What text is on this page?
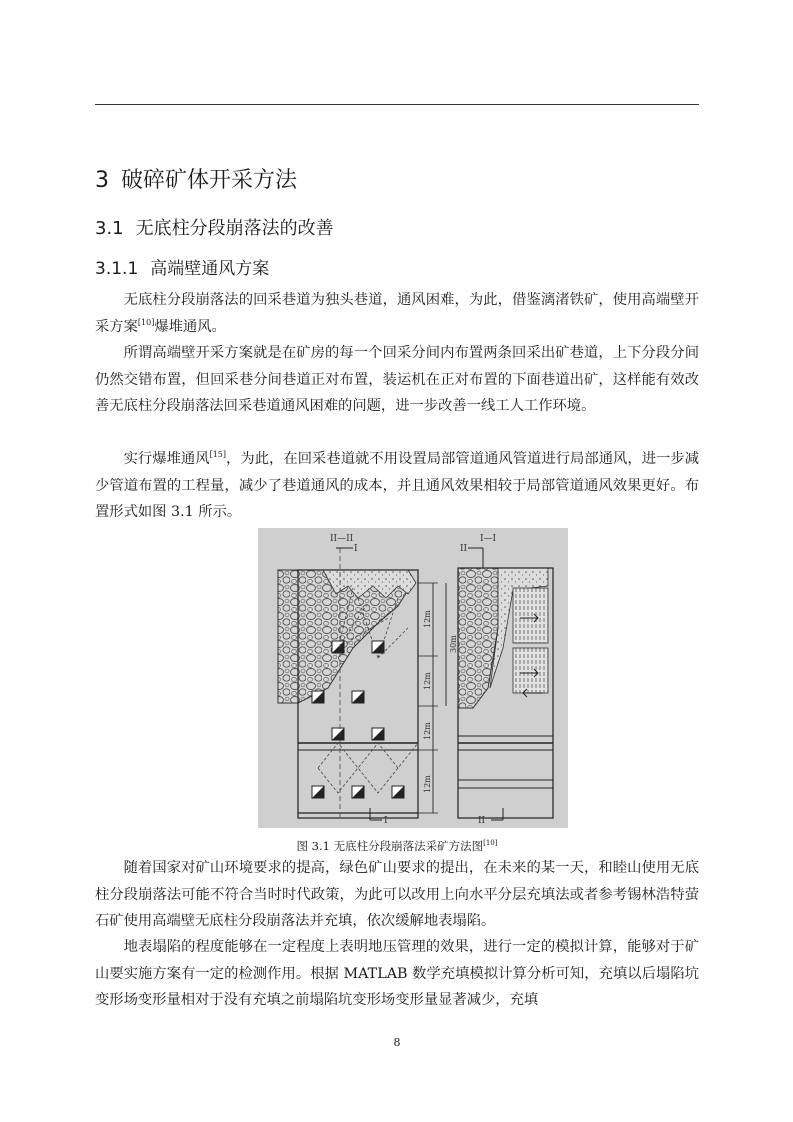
3 破碎矿体开采方法
3.1 无底柱分段崩落法的改善
3.1.1 高端壁通风方案

无底柱分段崩落法的回采巷道为独头巷道，通风困难，为此，借鉴漓渚铁矿，使用高端壁开采方案[10]爆堆通风。

所谓高端壁开采方案就是在矿房的每一个回采分间内布置两条回采出矿巷道，上下分段分间仍然交错布置，但回采巷分间巷道正对布置，装运机在正对布置的下面巷道出矿，这样能有效改善无底柱分段崩落法回采巷道通风困难的问题，进一步改善一线工人工作环境。

实行爆堆通风[15]，为此，在回采巷道就不用设置局部管道通风管道进行局部通风，进一步减少管道布置的工程量，减少了巷道通风的成本，并且通风效果相较于局部管道通风效果更好。布置形式如图 3.1 所示。

II—II
I
I—I
II
I	II
12m
30m
12m
12m
12m
图 3.1 无底柱分段崩落法采矿方法图[10]

随着国家对矿山环境要求的提高，绿色矿山要求的提出，在未来的某一天，和睦山使用无底柱分段崩落法可能不符合当时时代政策，为此可以改用上向水平分层充填法或者参考锡林浩特萤石矿使用高端壁无底柱分段崩落法并充填，依次缓解地表塌陷。

地表塌陷的程度能够在一定程度上表明地压管理的效果，进行一定的模拟计算，能够对于矿山要实施方案有一定的检测作用。根据 MATLAB 数学充填模拟计算分析可知，充填以后塌陷坑变形场变形量相对于没有充填之前塌陷坑变形场变形量显著减少，充填

8
